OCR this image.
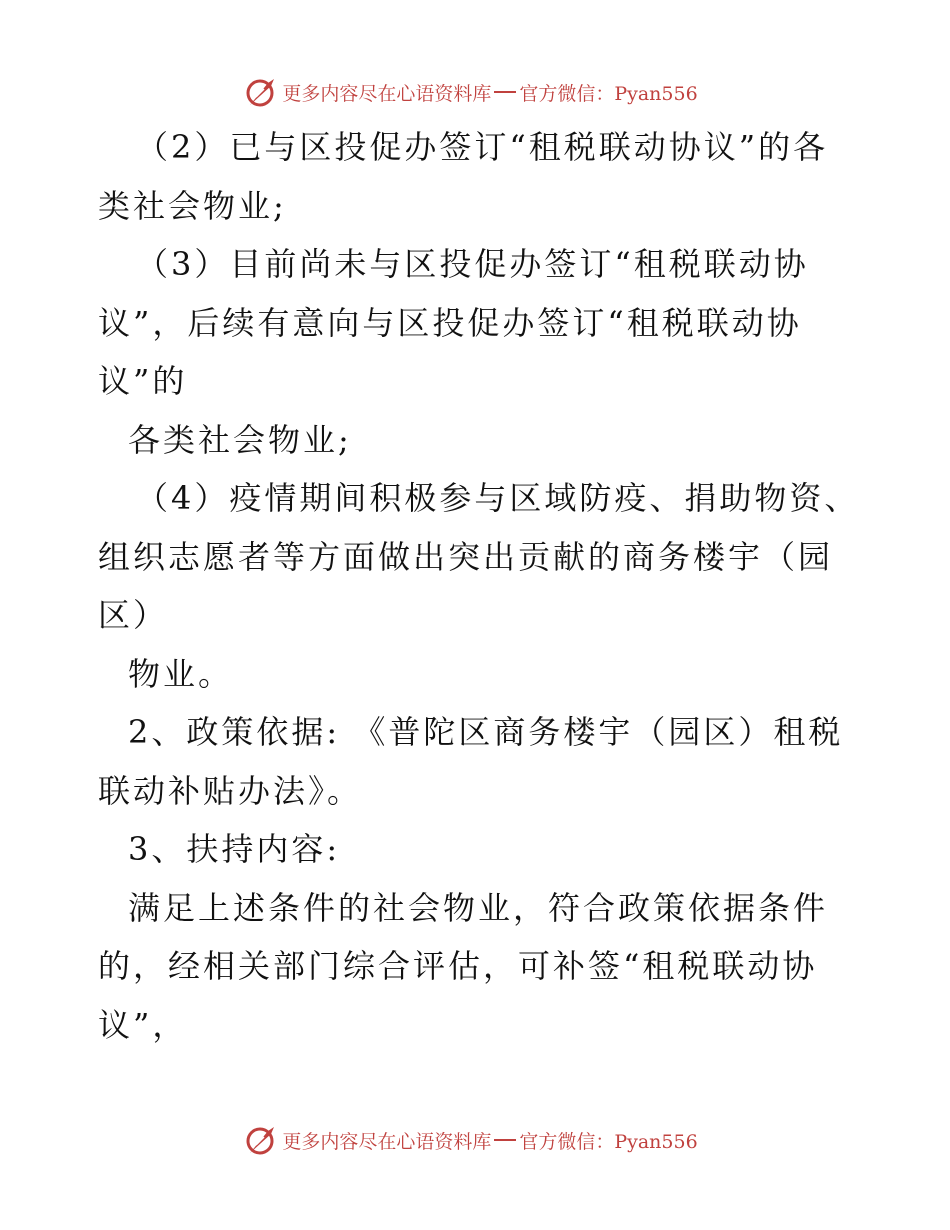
更多内容尽在心语资料库 官方微信：Pyan556
（2）已与区投促办签订“租税联动协议”的各
类社会物业;
（3）目前尚未与区投促办签订“租税联动协
议”，后续有意向与区投促办签订“租税联动协
议”的
各类社会物业;
（4）疫情期间积极参与区域防疫、捐助物资、
组织志愿者等方面做出突出贡献的商务楼宇（园
区）
物业。
2、政策依据: 《普陀区商务楼宇（园区）租税
联动补贴办法》。
3、扶持内容:
满足上述条件的社会物业，符合政策依据条件
的，经相关部门综合评估，可补签“租税联动协
议”，
更多内容尽在心语资料库 官方微信：Pyan556
